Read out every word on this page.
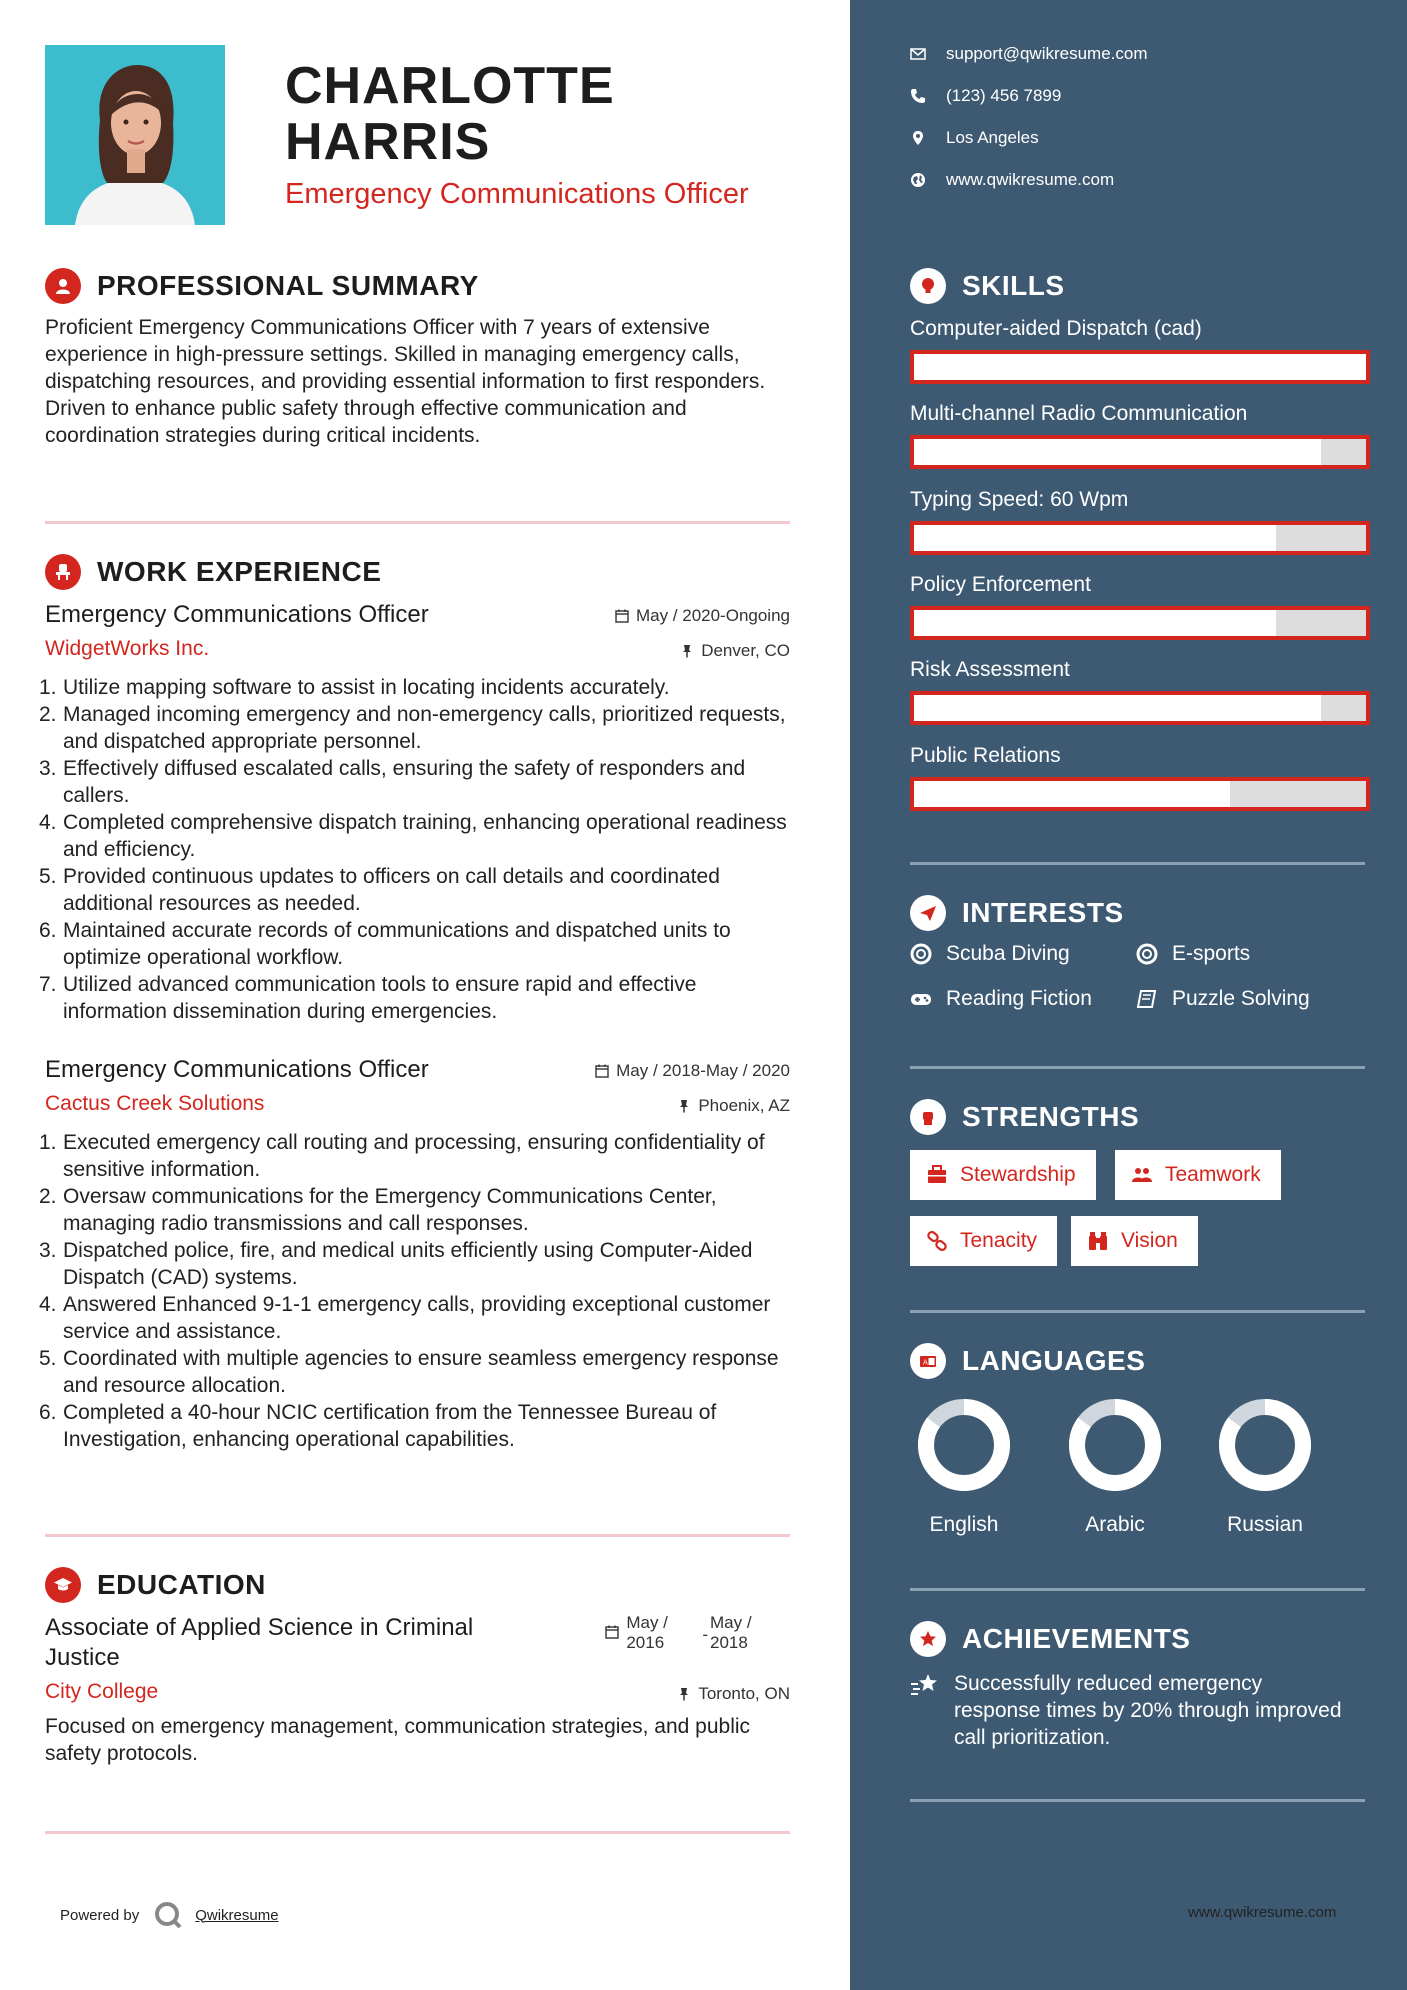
CHARLOTTE HARRIS
Emergency Communications Officer
PROFESSIONAL SUMMARY
Proficient Emergency Communications Officer with 7 years of extensive experience in high-pressure settings. Skilled in managing emergency calls, dispatching resources, and providing essential information to first responders. Driven to enhance public safety through effective communication and coordination strategies during critical incidents.
WORK EXPERIENCE
Emergency Communications Officer	May / 2020-Ongoing
WidgetWorks Inc.	Denver, CO
1. Utilize mapping software to assist in locating incidents accurately.
2. Managed incoming emergency and non-emergency calls, prioritized requests, and dispatched appropriate personnel.
3. Effectively diffused escalated calls, ensuring the safety of responders and callers.
4. Completed comprehensive dispatch training, enhancing operational readiness and efficiency.
5. Provided continuous updates to officers on call details and coordinated additional resources as needed.
6. Maintained accurate records of communications and dispatched units to optimize operational workflow.
7. Utilized advanced communication tools to ensure rapid and effective information dissemination during emergencies.
Emergency Communications Officer	May / 2018-May / 2020
Cactus Creek Solutions	Phoenix, AZ
1. Executed emergency call routing and processing, ensuring confidentiality of sensitive information.
2. Oversaw communications for the Emergency Communications Center, managing radio transmissions and call responses.
3. Dispatched police, fire, and medical units efficiently using Computer-Aided Dispatch (CAD) systems.
4. Answered Enhanced 9-1-1 emergency calls, providing exceptional customer service and assistance.
5. Coordinated with multiple agencies to ensure seamless emergency response and resource allocation.
6. Completed a 40-hour NCIC certification from the Tennessee Bureau of Investigation, enhancing operational capabilities.
EDUCATION
Associate of Applied Science in Criminal Justice
May / 2016	-
May / 2018
City College	Toronto, ON
Focused on emergency management, communication strategies, and public safety protocols.
Powered by	Qwikresume
support@qwikresume.com
(123) 456 7899
Los Angeles
www.qwikresume.com
SKILLS
Computer-aided Dispatch (cad)
Multi-channel Radio Communication
Typing Speed: 60 Wpm
Policy Enforcement
Risk Assessment
Public Relations
INTERESTS
Scuba Diving	E-sports
Reading Fiction	Puzzle Solving
STRENGTHS
Stewardship	Teamwork
Tenacity	Vision
A LANGUAGES
English	Arabic	Russian
ACHIEVEMENTS
Successfully reduced emergency response times by 20% through improved call prioritization.
www.qwikresume.com
